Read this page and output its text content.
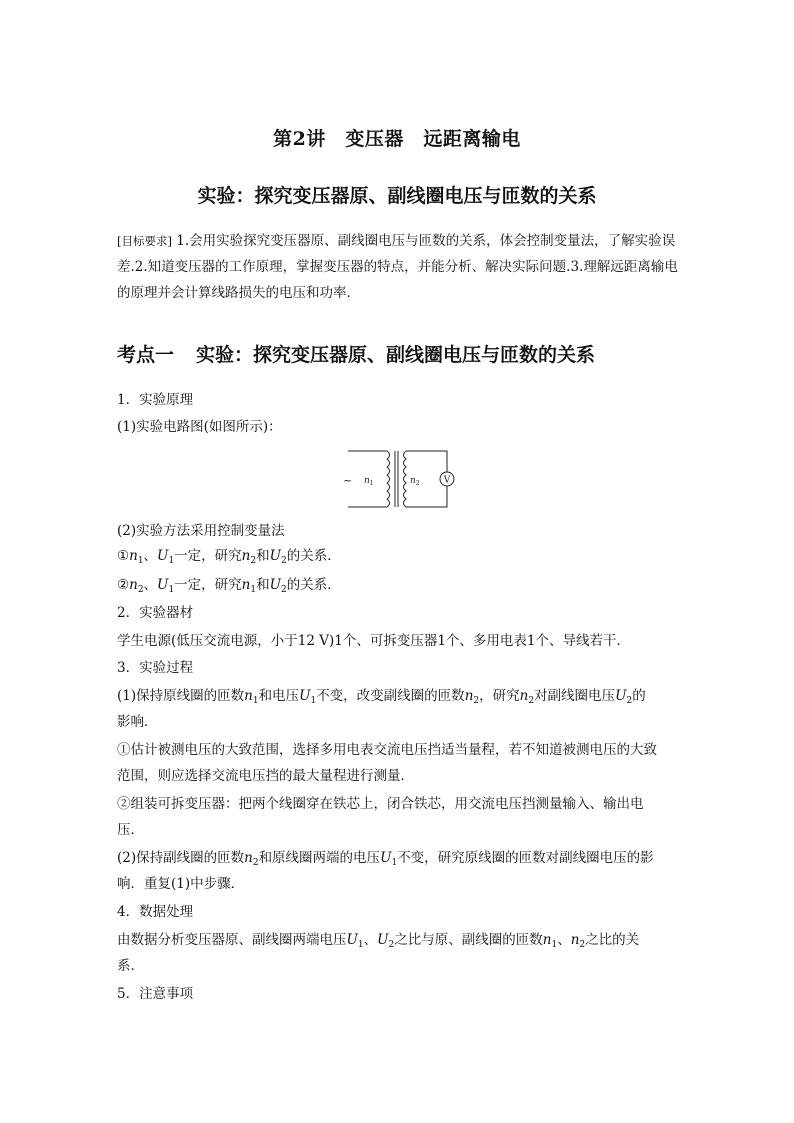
第2讲　变压器　远距离输电
实验：探究变压器原、副线圈电压与匝数的关系
[目标要求] 1.会用实验探究变压器原、副线圈电压与匝数的关系，体会控制变量法，了解实验误差.2.知道变压器的工作原理，掌握变压器的特点，并能分析、解决实际问题.3.理解远距离输电的原理并会计算线路损失的电压和功率．
考点一 实验：探究变压器原、副线圈电压与匝数的关系
1．实验原理
(1)实验电路图(如图所示)：
~ $n_1$	$n_2$	V
(2)实验方法采用控制变量法
$①n_1$、$U_1$一定，研究$n_2$和$U_2$的关系．
$②n_2$、$U_1$一定，研究$n_1$和$U_2$的关系．
2．实验器材
学生电源(低压交流电源，小于12 V)1个、可拆变压器1个、多用电表1个、导线若干．
3．实验过程
(1)保持原线圈的匝数$n_1$和电压$U_1$不变，改变副线圈的匝数$n_2$，研究$n_2$对副线圈电压$U_2$的
影响．
①估计被测电压的大致范围，选择多用电表交流电压挡适当量程，若不知道被测电压的大致
范围，则应选择交流电压挡的最大量程进行测量．
②组装可拆变压器：把两个线圈穿在铁芯上，闭合铁芯，用交流电压挡测量输入、输出电
压．
(2)保持副线圈的匝数$n_2$和原线圈两端的电压$U_1$不变，研究原线圈的匝数对副线圈电压的影
响．重复(1)中步骤．
4．数据处理
由数据分析变压器原、副线圈两端电压$U_1$、$U_2$之比与原、副线圈的匝数$n_1$、$n_2$之比的关
系．
5．注意事项
